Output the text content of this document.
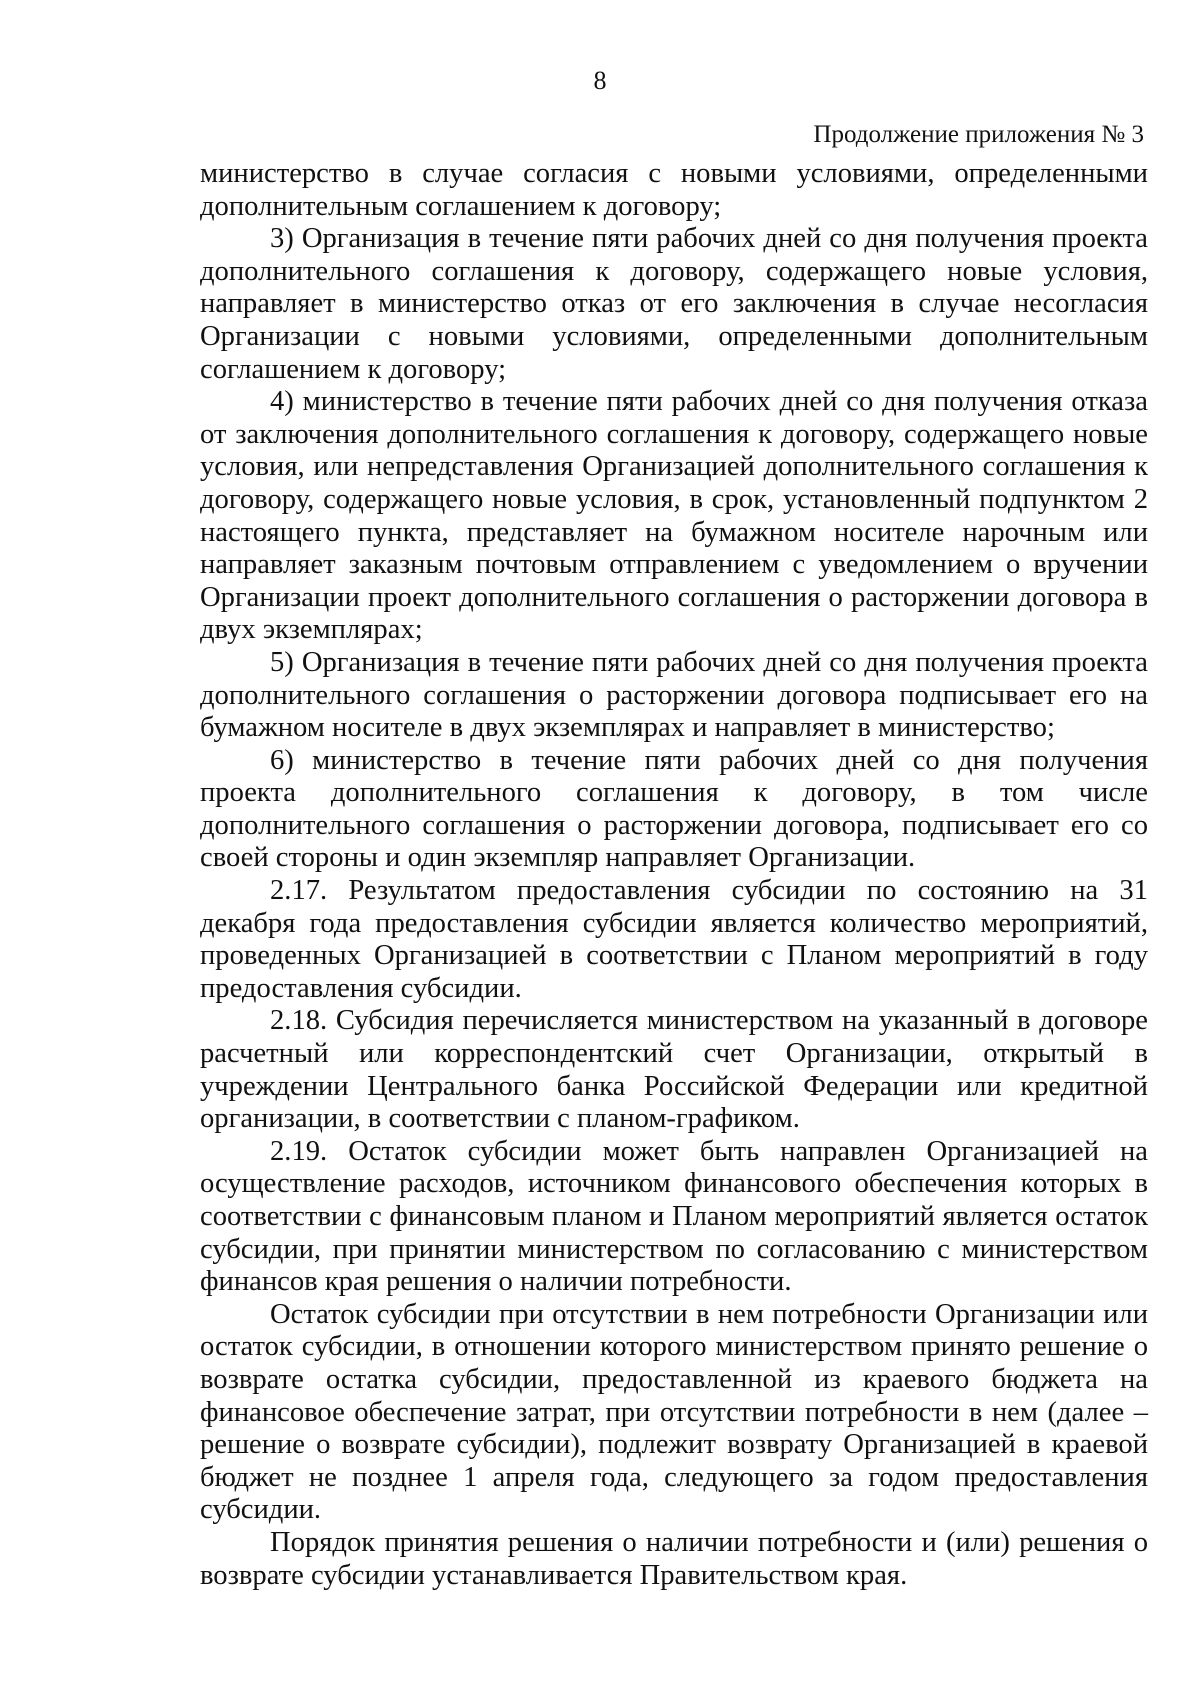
8
Продолжение приложения № 3

министерство в случае согласия с новыми условиями, определенными дополнительным соглашением к договору;

3) Организация в течение пяти рабочих дней со дня получения проекта дополнительного соглашения к договору, содержащего новые условия, направляет в министерство отказ от его заключения в случае несогласия Организации с новыми условиями, определенными дополнительным соглашением к договору;

4) министерство в течение пяти рабочих дней со дня получения отказа от заключения дополнительного соглашения к договору, содержащего новые условия, или непредставления Организацией дополнительного соглашения к договору, содержащего новые условия, в срок, установленный подпунктом 2 настоящего пункта, представляет на бумажном носителе нарочным или направляет заказным почтовым отправлением с уведомлением о вручении Организации проект дополнительного соглашения о расторжении договора в двух экземплярах;

5) Организация в течение пяти рабочих дней со дня получения проекта дополнительного соглашения о расторжении договора подписывает его на бумажном носителе в двух экземплярах и направляет в министерство;

6) министерство в течение пяти рабочих дней со дня получения проекта дополнительного соглашения к договору, в том числе дополнительного соглашения о расторжении договора, подписывает его со своей стороны и один экземпляр направляет Организации.

2.17. Результатом предоставления субсидии по состоянию на 31 декабря года предоставления субсидии является количество мероприятий, проведенных Организацией в соответствии с Планом мероприятий в году предоставления субсидии.

2.18. Субсидия перечисляется министерством на указанный в договоре расчетный или корреспондентский счет Организации, открытый в учреждении Центрального банка Российской Федерации или кредитной организации, в соответствии с планом-графиком.

2.19. Остаток субсидии может быть направлен Организацией на осуществление расходов, источником финансового обеспечения которых в соответствии с финансовым планом и Планом мероприятий является остаток субсидии, при принятии министерством по согласованию с министерством финансов края решения о наличии потребности.

Остаток субсидии при отсутствии в нем потребности Организации или остаток субсидии, в отношении которого министерством принято решение о возврате остатка субсидии, предоставленной из краевого бюджета на финансовое обеспечение затрат, при отсутствии потребности в нем (далее – решение о возврате субсидии), подлежит возврату Организацией в краевой бюджет не позднее 1 апреля года, следующего за годом предоставления субсидии.

Порядок принятия решения о наличии потребности и (или) решения о возврате субсидии устанавливается Правительством края.
